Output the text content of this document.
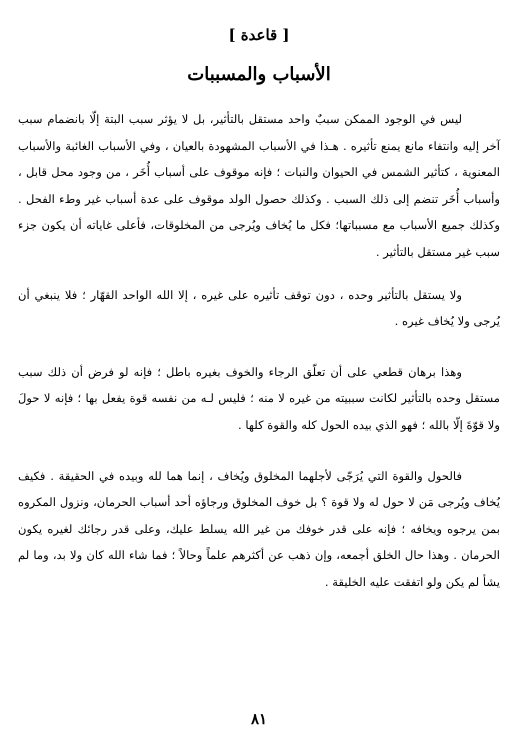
[ قاعدة ]
الأسباب والمسببات

ليس في الوجود الممكن سببٌ واحد مستقل بالتأثير، بل لا يؤثر سبب البتة إلّا بانضمام سبب آخر إليه وانتفاء مانع يمنع تأثيره . هـذا في الأسباب المشهودة بالعيان ، وفي الأسباب الغائبة والأسباب المعنوية ، كتأثير الشمس في الحيوان والنبات ؛ فإنه موقوف على أسباب أُخَر ، من وجود محل قابل ، وأسباب أُخَر تنضم إلى ذلك السبب . وكذلك حصول الولد موقوف على عدة أسباب غير وطء الفحل . وكذلك جميع الأسباب مع مسبباتها؛ فكل ما يُخاف ويُرجى من المخلوقات، فأعلى غاياته أن يكون جزء سبب غير مستقل بالتأثير .

ولا يستقل بالتأثير وحده ، دون توقف تأثيره على غيره ، إلا الله الواحد القهّار ؛ فلا ينبغي أن يُرجى ولا يُخاف غيره .

وهذا برهان قطعي على أن تعلّق الرجاء والخوف بغيره باطل ؛ فإنه لو فرض أن ذلك سبب مستقل وحده بالتأثير لكانت سببيته من غيره لا منه ؛ فليس لـه من نفسه قوة يفعل بها ؛ فإنه لا حولَ ولا قوّةَ إلّا بالله ؛ فهو الذي بيده الحول كله والقوة كلها .

فالحول والقوة التي يُرَجّى لأجلهما المخلوق ويُخاف ، إنما هما لله وبيده في الحقيقة . فكيف يُخاف ويُرجى مَن لا حول له ولا قوة ؟ بل خوف المخلوق ورجاؤه أحد أسباب الحرمان، ونزول المكروه بمن يرجوه ويخافه ؛ فإنه على قدر خوفك من غير الله يسلط عليك، وعلى قدر رجائك لغيره يكون الحرمان . وهذا حال الخلق أجمعه، وإن ذهب عن أكثرهم علماً وحالاً ؛ فما شاء الله كان ولا بد، وما لم يشأ لم يكن ولو اتفقت عليه الخليقة .

٨١
